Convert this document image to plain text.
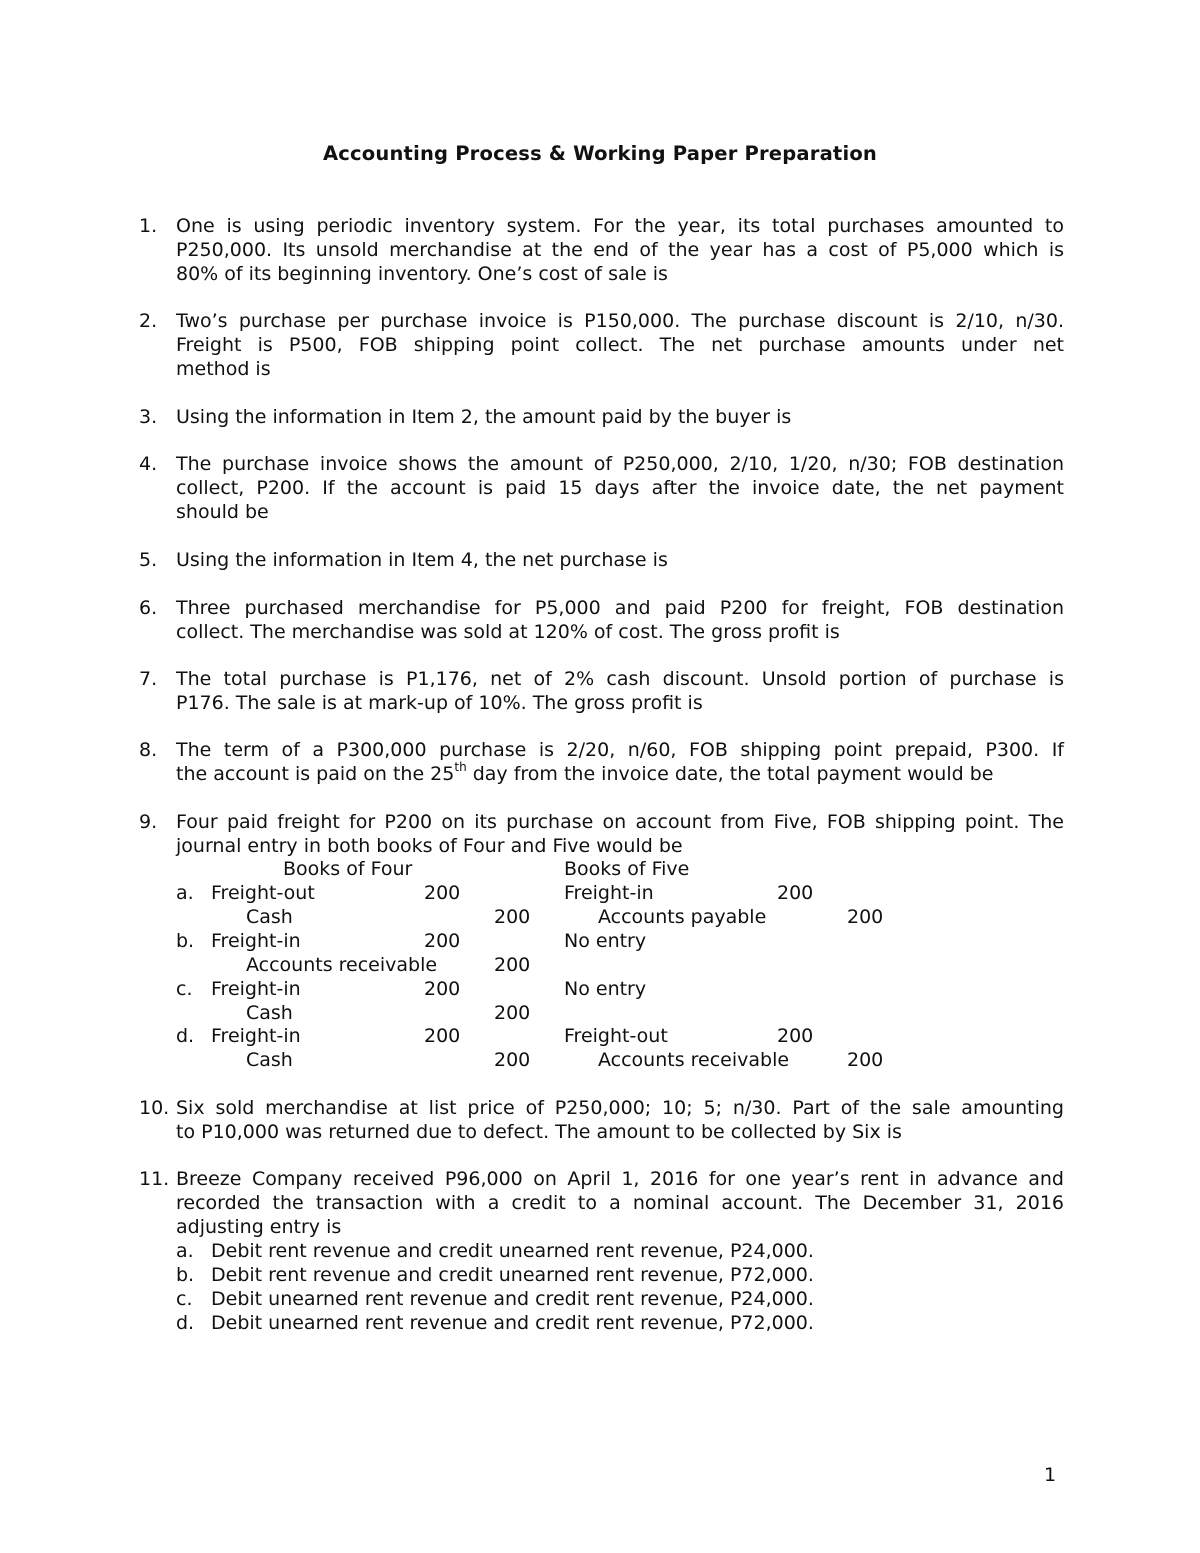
Accounting Process & Working Paper Preparation
1. One is using periodic inventory system. For the year, its total purchases amounted to
P250,000. Its unsold merchandise at the end of the year has a cost of P5,000 which is
80% of its beginning inventory. One’s cost of sale is
2. Two’s purchase per purchase invoice is P150,000. The purchase discount is 2/10, n/30.
Freight is P500, FOB shipping point collect. The net purchase amounts under net
method is
3. Using the information in Item 2, the amount paid by the buyer is
4. The purchase invoice shows the amount of P250,000, 2/10, 1/20, n/30; FOB destination
collect, P200. If the account is paid 15 days after the invoice date, the net payment
should be
5. Using the information in Item 4, the net purchase is
6. Three purchased merchandise for P5,000 and paid P200 for freight, FOB destination
collect. The merchandise was sold at 120% of cost. The gross profit is
7. The total purchase is P1,176, net of 2% cash discount. Unsold portion of purchase is
P176. The sale is at mark-up of 10%. The gross profit is
8. The term of a P300,000 purchase is 2/20, n/60, FOB shipping point prepaid, P300. If
the account is paid on the 25th day from the invoice date, the total payment would be
9. Four paid freight for P200 on its purchase on account from Five, FOB shipping point. The
journal entry in both books of Four and Five would be
Books of Four	Books of Five
a. Freight-out	200	Freight-in	200
Cash	200	Accounts payable	200
b. Freight-in	200	No entry
Accounts receivable	200
c. Freight-in	200	No entry
Cash	200
d. Freight-in	200	Freight-out	200
Cash	200	Accounts receivable	200
10. Six sold merchandise at list price of P250,000; 10; 5; n/30. Part of the sale amounting
to P10,000 was returned due to defect. The amount to be collected by Six is
11. Breeze Company received P96,000 on April 1, 2016 for one year’s rent in advance and
recorded the transaction with a credit to a nominal account. The December 31, 2016
adjusting entry is
a. Debit rent revenue and credit unearned rent revenue, P24,000.
b. Debit rent revenue and credit unearned rent revenue, P72,000.
c. Debit unearned rent revenue and credit rent revenue, P24,000.
d. Debit unearned rent revenue and credit rent revenue, P72,000.
1
